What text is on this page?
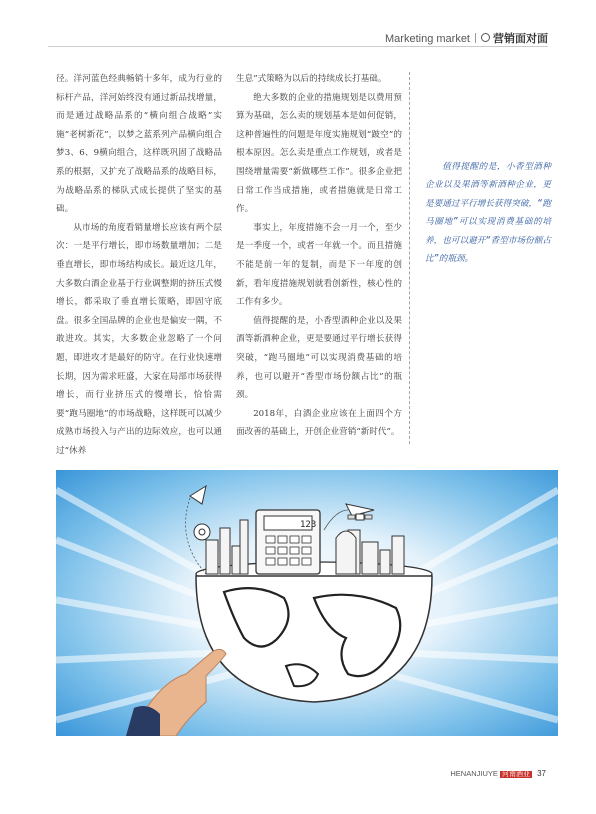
Marketing market 营销面对面

径。洋河蓝色经典畅销十多年，成为行业的标杆产品，洋河始终没有通过新品找增量，而是通过战略品系的“横向组合战略”实施“老树新花”，以梦之蓝系列产品横向组合梦3、6、9横向组合，这样既巩固了战略品系的根据，又扩充了战略品系的战略目标，为战略品系的梯队式成长提供了坚实的基础。

从市场的角度看销量增长应该有两个层次：一是平行增长，即市场数量增加；二是垂直增长，即市场结构成长。最近这几年，大多数白酒企业基于行业调整期的挤压式慢增长，都采取了垂直增长策略，即固守底盘。很多全国品牌的企业也是偏安一隅，不敢进攻。其实，大多数企业忽略了一个问题，即进攻才是最好的防守。在行业快速增长期，因为需求旺盛，大家在局部市场获得增长，而行业挤压式的慢增长，恰恰需要“跑马圈地”的市场战略，这样既可以减少成熟市场投入与产出的边际效应，也可以通过“休养

生息”式策略为以后的持续成长打基础。

绝大多数的企业的措施规划是以费用预算为基础，怎么卖的规划基本是如何促销，这种普遍性的问题是年度实施规划“跛空”的根本原因。怎么卖是重点工作规划，或者是围绕增量需要“新做哪些工作”。很多企业把日常工作当成措施，或者措施就是日常工作。

事实上，年度措施不会一月一个，至少是一季度一个，或者一年就一个。而且措施不能是前一年的复制，而是下一年度的创新，看年度措施规划就看创新性，核心性的工作有多少。

值得提醒的是，小香型酒种企业以及果酒等新酒种企业，更是要通过平行增长获得突破，“跑马圈地”可以实现消费基础的培养，也可以避开“香型市场份额占比”的瓶颈。

2018年，白酒企业应该在上面四个方面改善的基础上，开创企业营销“新时代”。

值得提醒的是，小香型酒种企业以及果酒等新酒种企业，更是要通过平行增长获得突破，“跑马圈地”可以实现消费基础的培养，也可以避开“香型市场份额占比”的瓶颈。

123
HENANJIUYE 河南酒业 37
